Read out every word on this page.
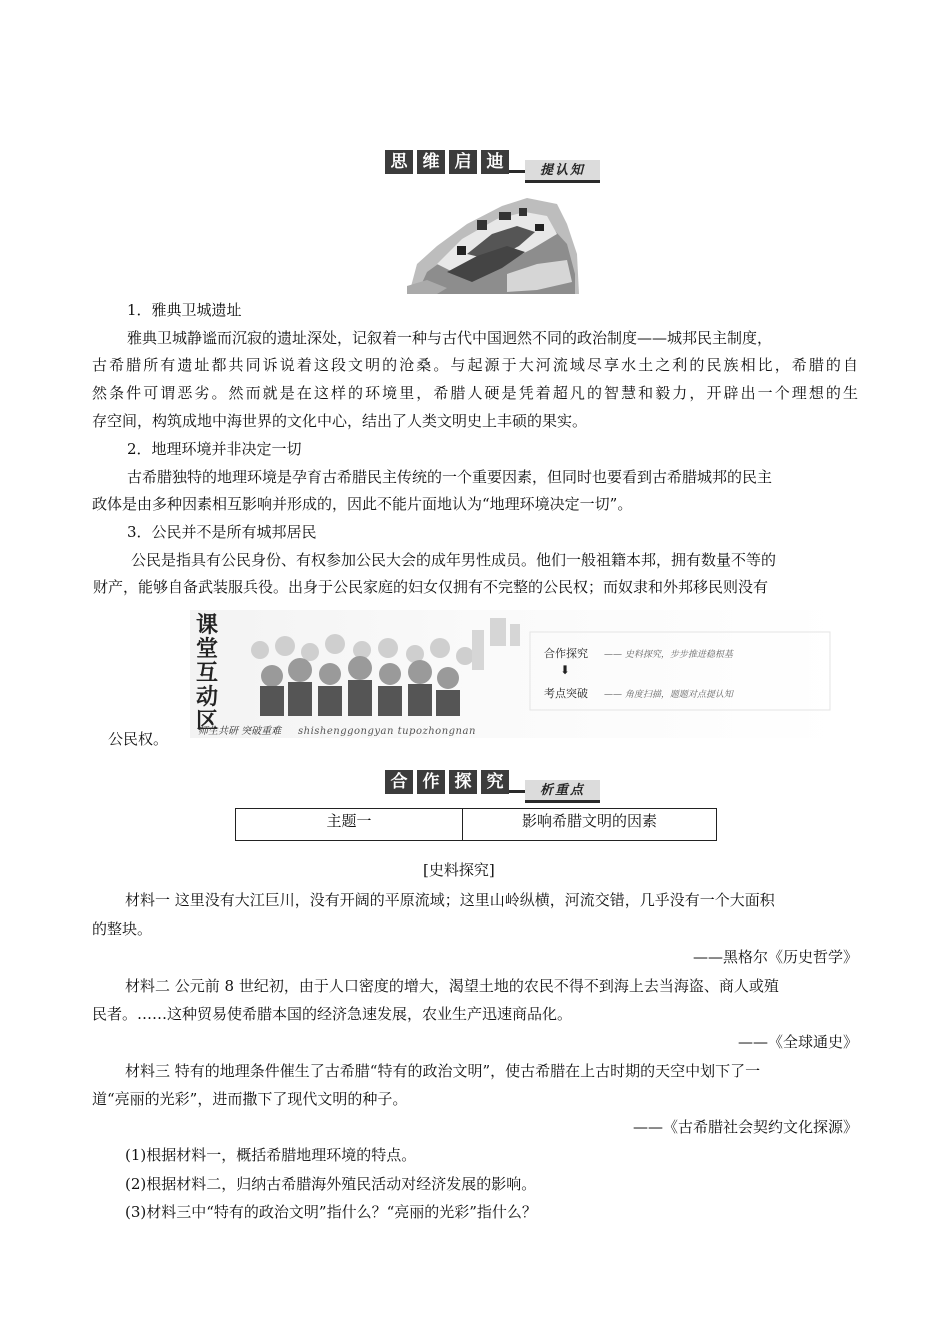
思 维 启 迪	提认知
1．雅典卫城遗址
雅典卫城静谧而沉寂的遗址深处，记叙着一种与古代中国迥然不同的政治制度——城邦民主制度，
古希腊所有遗址都共同诉说着这段文明的沧桑。与起源于大河流域尽享水土之利的民族相比，希腊的自
然条件可谓恶劣。然而就是在这样的环境里，希腊人硬是凭着超凡的智慧和毅力，开辟出一个理想的生
存空间，构筑成地中海世界的文化中心，结出了人类文明史上丰硕的果实。
2．地理环境并非决定一切
古希腊独特的地理环境是孕育古希腊民主传统的一个重要因素，但同时也要看到古希腊城邦的民主
政体是由多种因素相互影响并形成的，因此不能片面地认为“地理环境决定一切”。
3．公民并不是所有城邦居民
公民是指具有公民身份、有权参加公民大会的成年男性成员。他们一般祖籍本邦，拥有数量不等的
财产，能够自备武装服兵役。出身于公民家庭的妇女仅拥有不完整的公民权；而奴隶和外邦移民则没有
课
堂
互
动
区
师生共研 突破重难 shishenggongyan tupozhongnan
合作探究 —— 史料探究，步步推进稳根基
⬇
考点突破 —— 角度扫描，题题对点提认知
公民权。
合 作 探 究	析重点
主题一	影响希腊文明的因素
[史料探究]
材料一 这里没有大江巨川，没有开阔的平原流域；这里山岭纵横，河流交错，几乎没有一个大面积
的整块。
——黑格尔《历史哲学》
材料二 公元前 8 世纪初，由于人口密度的增大，渴望土地的农民不得不到海上去当海盗、商人或殖
民者。……这种贸易使希腊本国的经济急速发展，农业生产迅速商品化。
——《全球通史》
材料三 特有的地理条件催生了古希腊“特有的政治文明”，使古希腊在上古时期的天空中划下了一
道“亮丽的光彩”，进而撒下了现代文明的种子。
——《古希腊社会契约文化探源》
(1)根据材料一，概括希腊地理环境的特点。
(2)根据材料二，归纳古希腊海外殖民活动对经济发展的影响。
(3)材料三中“特有的政治文明”指什么？“亮丽的光彩”指什么？
